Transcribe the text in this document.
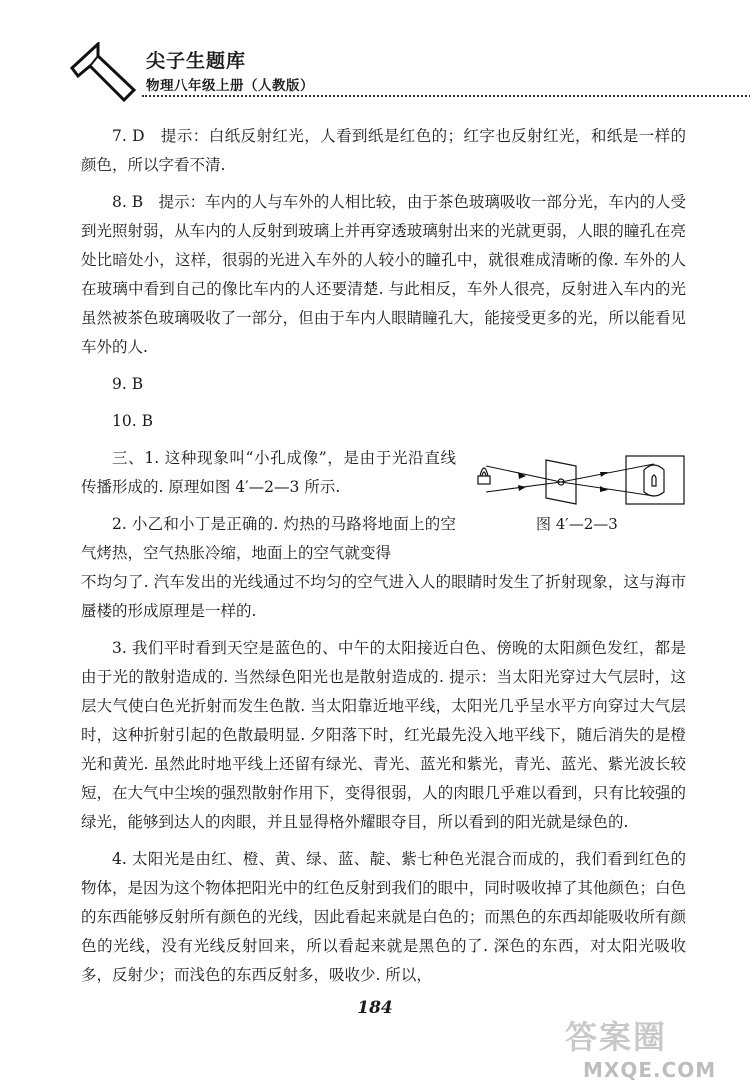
尖子生题库
物理八年级上册（人教版）

7. D　提示：白纸反射红光，人看到纸是红色的；红字也反射红光，和纸是一样的颜色，所以字看不清.

8. B　提示：车内的人与车外的人相比较，由于茶色玻璃吸收一部分光，车内的人受到光照射弱，从车内的人反射到玻璃上并再穿透玻璃射出来的光就更弱，人眼的瞳孔在亮处比暗处小，这样，很弱的光进入车外的人较小的瞳孔中，就很难成清晰的像. 车外的人在玻璃中看到自己的像比车内的人还要清楚. 与此相反，车外人很亮，反射进入车内的光虽然被茶色玻璃吸收了一部分，但由于车内人眼睛瞳孔大，能接受更多的光，所以能看见车外的人.

9. B

10. B

三、1. 这种现象叫“小孔成像”，是由于光沿直线传播形成的. 原理如图 4′—2—3 所示.

2. 小乙和小丁是正确的. 灼热的马路将地面上的空气烤热，空气热胀冷缩，地面上的空气就变得

图 4′—2—3

不均匀了. 汽车发出的光线通过不均匀的空气进入人的眼睛时发生了折射现象，这与海市蜃楼的形成原理是一样的.

3. 我们平时看到天空是蓝色的、中午的太阳接近白色、傍晚的太阳颜色发红，都是由于光的散射造成的. 当然绿色阳光也是散射造成的. 提示：当太阳光穿过大气层时，这层大气使白色光折射而发生色散. 当太阳靠近地平线，太阳光几乎呈水平方向穿过大气层时，这种折射引起的色散最明显. 夕阳落下时，红光最先没入地平线下，随后消失的是橙光和黄光. 虽然此时地平线上还留有绿光、青光、蓝光和紫光，青光、蓝光、紫光波长较短，在大气中尘埃的强烈散射作用下，变得很弱，人的肉眼几乎难以看到，只有比较强的绿光，能够到达人的肉眼，并且显得格外耀眼夺目，所以看到的阳光就是绿色的.

4. 太阳光是由红、橙、黄、绿、蓝、靛、紫七种色光混合而成的，我们看到红色的物体，是因为这个物体把阳光中的红色反射到我们的眼中，同时吸收掉了其他颜色；白色的东西能够反射所有颜色的光线，因此看起来就是白色的；而黑色的东西却能吸收所有颜色的光线，没有光线反射回来，所以看起来就是黑色的了. 深色的东西，对太阳光吸收多，反射少；而浅色的东西反射多，吸收少. 所以，

184
答案圈
MXQE.COM
